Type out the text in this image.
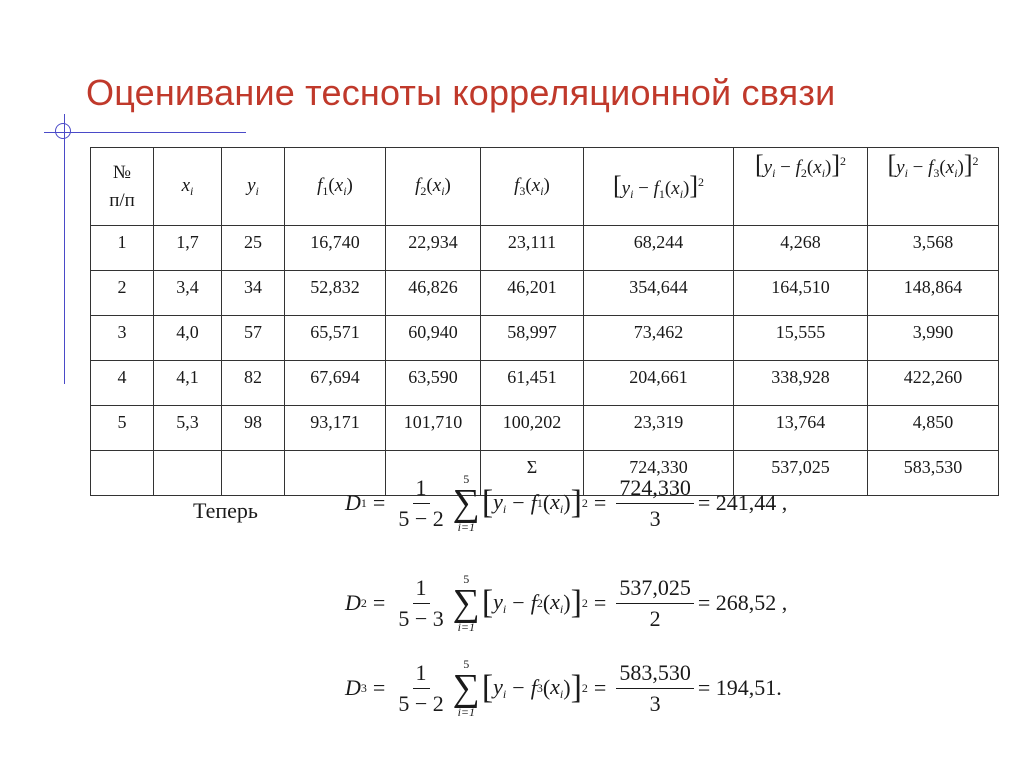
Оценивание тесноты корреляционной связи
№
п/п	$x_i$	$y_i$	$f_1(x_i)$	$f_2(x_i)$	$f_3(x_i)$	$[y_i - f_1(x_i)]^2$	$[y_i - f_2(x_i)]^2$	$[y_i - f_3(x_i)]^2$
1	1,7	25	16,740	22,934	23,111	68,244	4,268	3,568
2	3,4	34	52,832	46,826	46,201	354,644	164,510	148,864
3	4,0	57	65,571	60,940	58,997	73,462	15,555	3,990
4	4,1	82	67,694	63,590	61,451	204,661	338,928	422,260
5	5,3	98	93,171	101,710	100,202	23,319	13,764	4,850
					Σ	724,330	537,025	583,530
Теперь	D $1 = \frac{1}{5 - 2} 5$
∑
i=1
[ $y_i - f$ 1 ( $x_i$ ) ] $2 = \frac{724,330}{3} = 241,44$ ,
D $2 = \frac{1}{5 - 3} 5$
∑
i=1
[ $y_i - f$ 2 ( $x_i$ ) ] $2 = \frac{537,025}{2} = 268,52$ ,
D $3 = \frac{1}{5 - 2} 5$
∑
i=1
[ $y_i - f$ 3 ( $x_i$ ) ] $2 = \frac{583,530}{3} = 194,51$.
